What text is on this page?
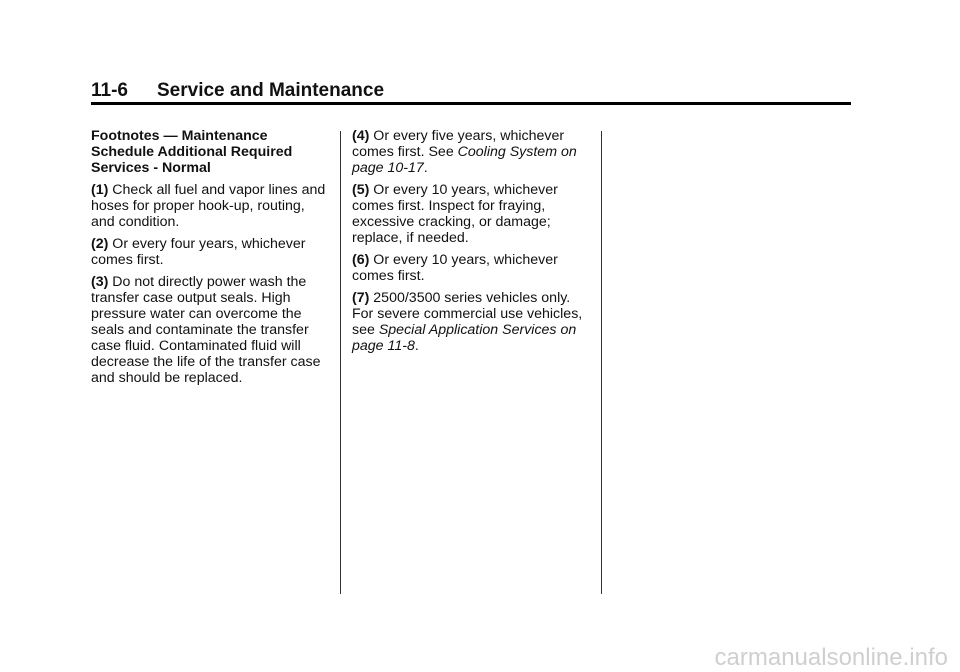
11-6 Service and Maintenance

Footnotes — Maintenance Schedule Additional Required Services - Normal

(1) Check all fuel and vapor lines and hoses for proper hook-up, routing, and condition.

(2) Or every four years, whichever comes first.

(3) Do not directly power wash the transfer case output seals. High pressure water can overcome the seals and contaminate the transfer case fluid. Contaminated fluid will decrease the life of the transfer case and should be replaced.

(4) Or every five years, whichever comes first. See Cooling System on page 10-17.

(5) Or every 10 years, whichever comes first. Inspect for fraying, excessive cracking, or damage; replace, if needed.

(6) Or every 10 years, whichever comes first.

(7) 2500/3500 series vehicles only. For severe commercial use vehicles, see Special Application Services on page 11-8.

carmanualsonline.info
